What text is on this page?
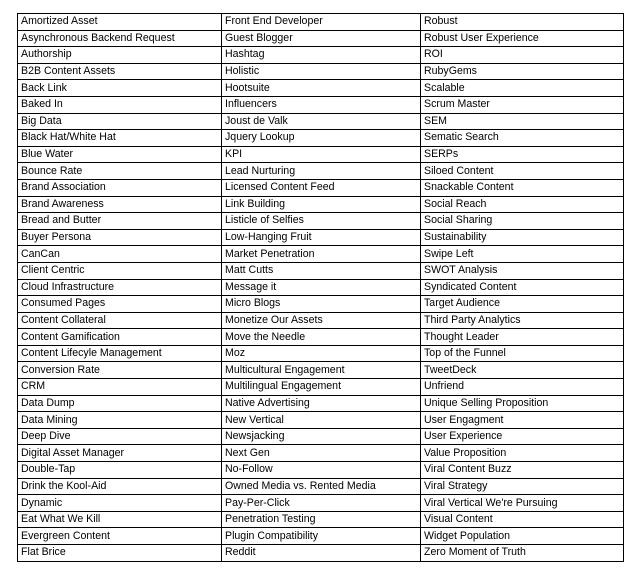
Amortized Asset	Front End Developer	Robust
Asynchronous Backend Request	Guest Blogger	Robust User Experience
Authorship	Hashtag	ROI
B2B Content Assets	Holistic	RubyGems
Back Link	Hootsuite	Scalable
Baked In	Influencers	Scrum Master
Big Data	Joust de Valk	SEM
Black Hat/White Hat	Jquery Lookup	Sematic Search
Blue Water	KPI	SERPs
Bounce Rate	Lead Nurturing	Siloed Content
Brand Association	Licensed Content Feed	Snackable Content
Brand Awareness	Link Building	Social Reach
Bread and Butter	Listicle of Selfies	Social Sharing
Buyer Persona	Low-Hanging Fruit	Sustainability
CanCan	Market Penetration	Swipe Left
Client Centric	Matt Cutts	SWOT Analysis
Cloud Infrastructure	Message it	Syndicated Content
Consumed Pages	Micro Blogs	Target Audience
Content Collateral	Monetize Our Assets	Third Party Analytics
Content Gamification	Move the Needle	Thought Leader
Content Lifecyle Management	Moz	Top of the Funnel
Conversion Rate	Multicultural Engagement	TweetDeck
CRM	Multilingual Engagement	Unfriend
Data Dump	Native Advertising	Unique Selling Proposition
Data Mining	New Vertical	User Engagment
Deep Dive	Newsjacking	User Experience
Digital Asset Manager	Next Gen	Value Proposition
Double-Tap	No-Follow	Viral Content Buzz
Drink the Kool-Aid	Owned Media vs. Rented Media	Viral Strategy
Dynamic	Pay-Per-Click	Viral Vertical We're Pursuing
Eat What We Kill	Penetration Testing	Visual Content
Evergreen Content	Plugin Compatibility	Widget Population
Flat Brice	Reddit	Zero Moment of Truth
